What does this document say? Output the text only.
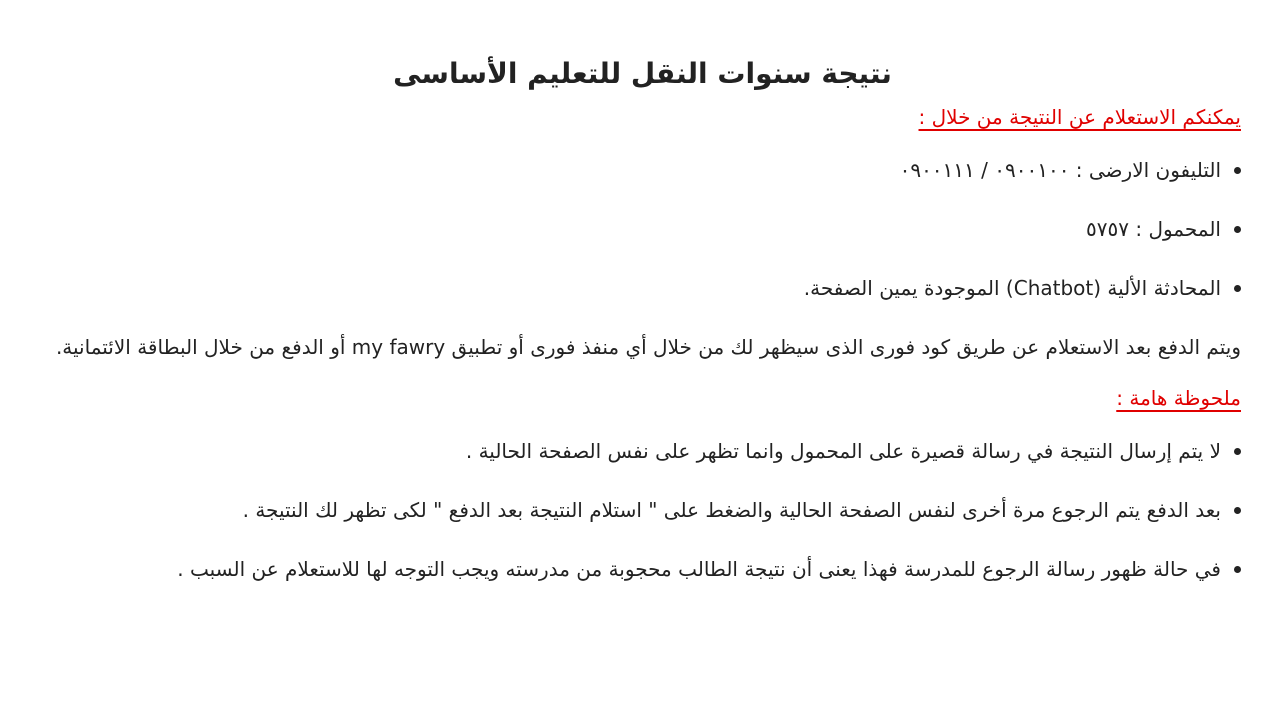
نتيجة سنوات النقل للتعليم الأساسى
يمكنكم الاستعلام عن النتيجة من خلال :
التليفون الارضى : ٠٩٠٠١٠٠ / ٠٩٠٠١١١
المحمول : ٥٧٥٧
المحادثة الألية (Chatbot) الموجودة يمين الصفحة.

ويتم الدفع بعد الاستعلام عن طريق كود فورى الذى سيظهر لك من خلال أي منفذ فورى أو تطبيق my fawry أو الدفع من خلال البطاقة الائتمانية.

ملحوظة هامة :
لا يتم إرسال النتيجة في رسالة قصيرة على المحمول وانما تظهر على نفس الصفحة الحالية .
بعد الدفع يتم الرجوع مرة أخرى لنفس الصفحة الحالية والضغط على " استلام النتيجة بعد الدفع " لكى تظهر لك النتيجة .
في حالة ظهور رسالة الرجوع للمدرسة فهذا يعنى أن نتيجة الطالب محجوبة من مدرسته ويجب التوجه لها للاستعلام عن السبب .
